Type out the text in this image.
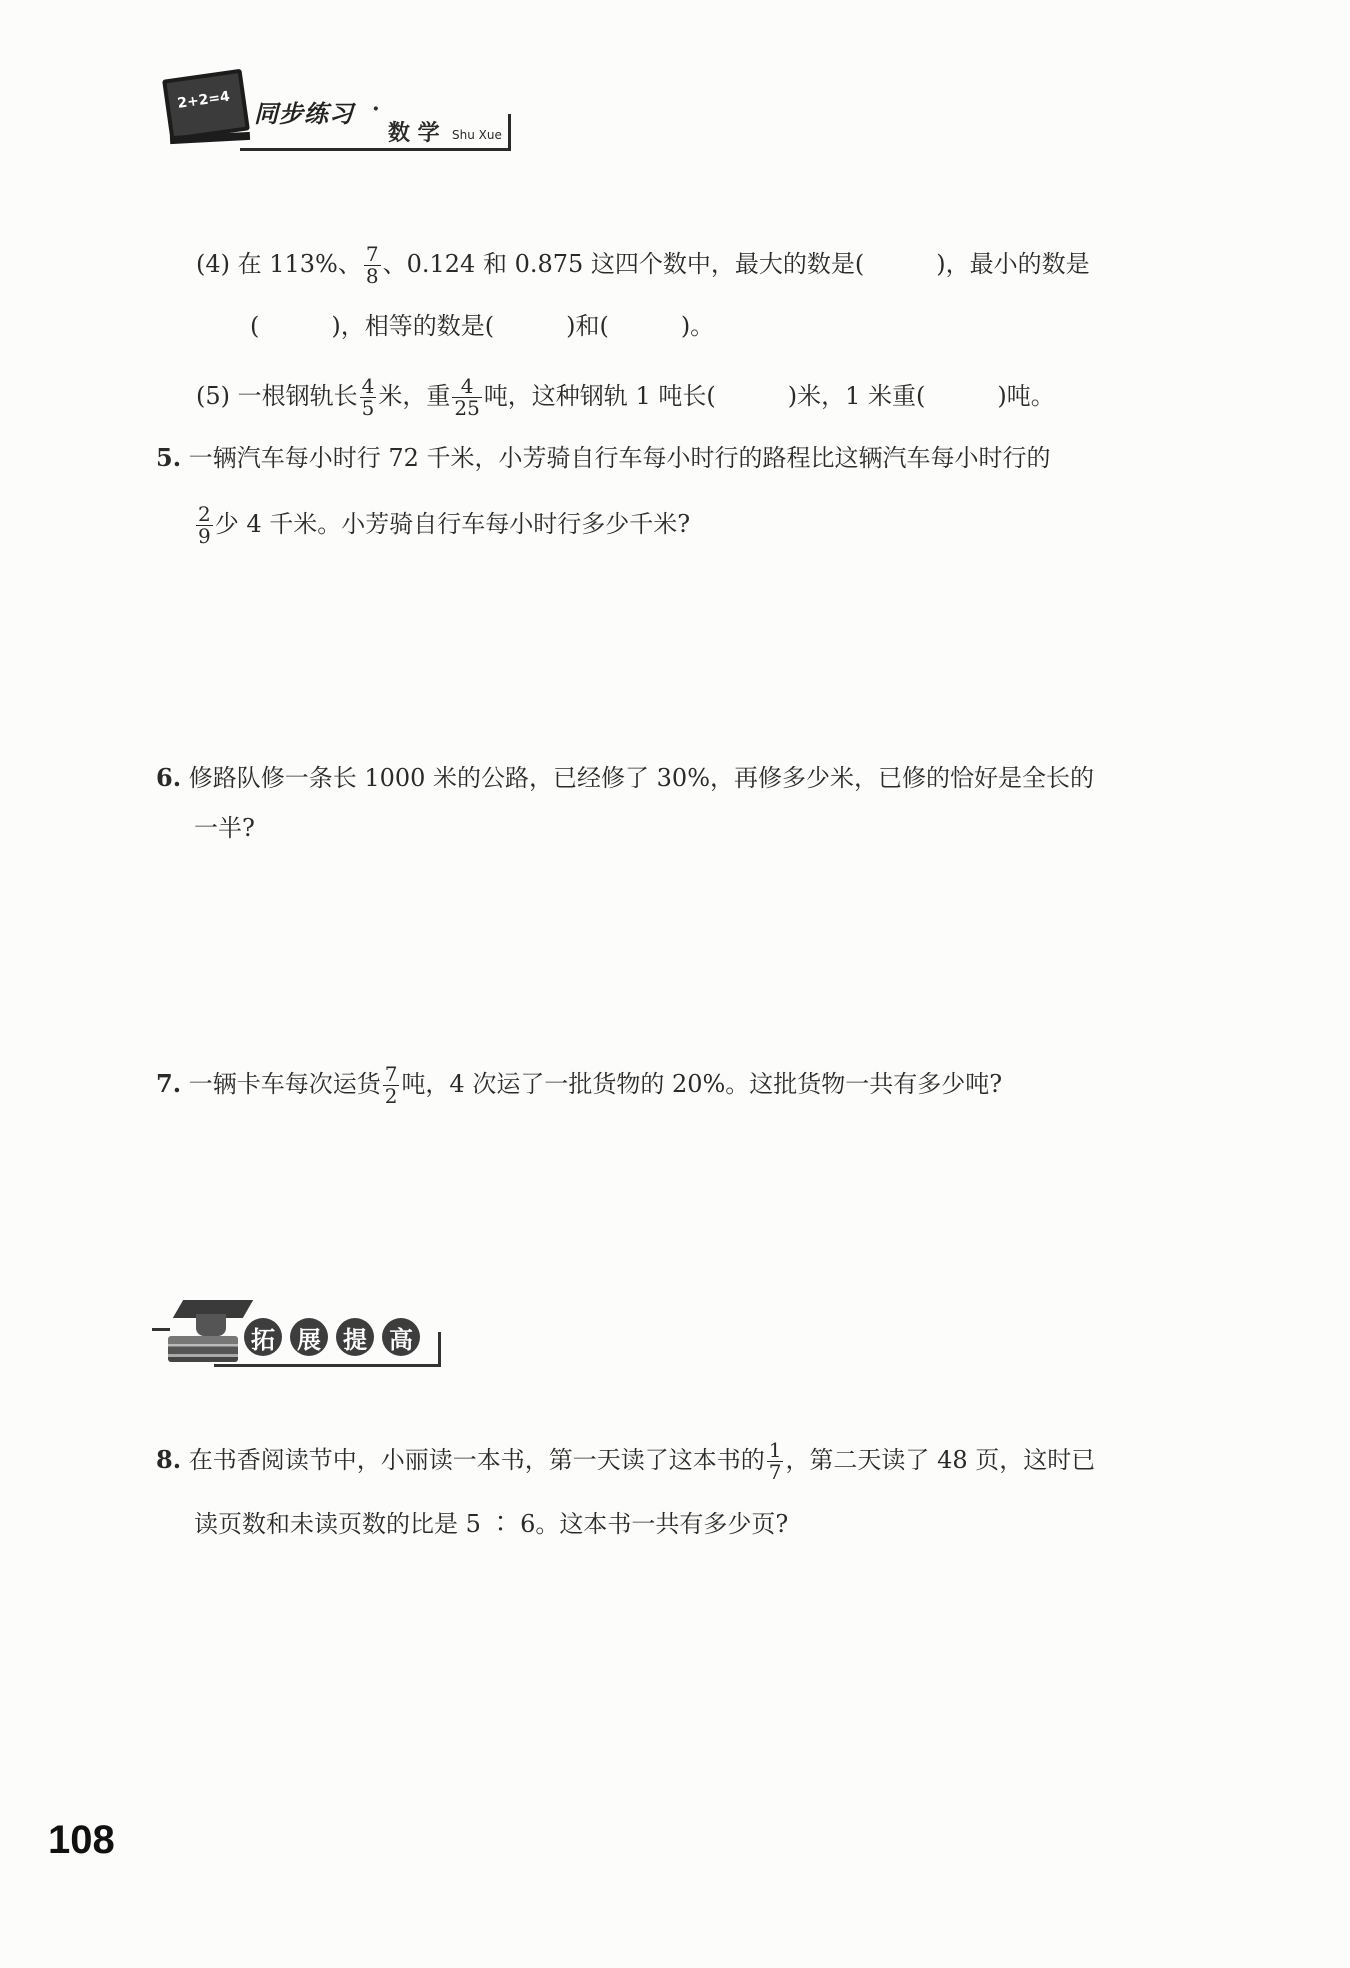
2+2=4 同步练习 ·
数 学 Shu Xue
(4) 在 113%、 $\frac{7}{8}$ 、0.124 和 0.875 这四个数中，最大的数是(　　　)，最小的数是
(　　　)，相等的数是(　　　)和(　　　)。
(5) 一根钢轨长 $\frac{4}{5}$ 米，重 $\frac{4}{25}$ 吨，这种钢轨 1 吨长(　　　)米，1 米重(　　　)吨。
5. 一辆汽车每小时行 72 千米，小芳骑自行车每小时行的路程比这辆汽车每小时行的
$\frac{2}{9}$ 少 4 千米。小芳骑自行车每小时行多少千米?
6. 修路队修一条长 1000 米的公路，已经修了 30%，再修多少米，已修的恰好是全长的
一半?
7. 一辆卡车每次运货 $\frac{7}{2}$ 吨，4 次运了一批货物的 20%。这批货物一共有多少吨?
拓 展 提 高
8. 在书香阅读节中，小丽读一本书，第一天读了这本书的 $\frac{1}{7}$ ，第二天读了 48 页，这时已
读页数和未读页数的比是 5 ∶ 6。这本书一共有多少页?
108
